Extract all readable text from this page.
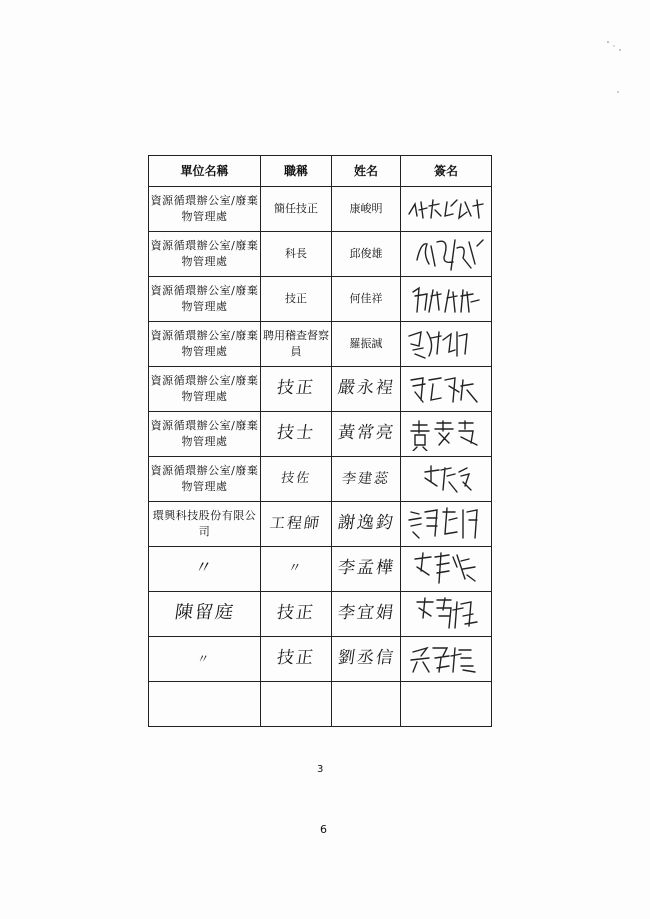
單位名稱	職稱	姓名	簽名
資源循環辦公室/廢棄物管理處	簡任技正	康峻明	

資源循環辦公室/廢棄物管理處	科長	邱俊雄	

資源循環辦公室/廢棄物管理處	技正	何佳祥	

資源循環辦公室/廢棄物管理處	聘用稽查督察員	羅振誠	

資源循環辦公室/廢棄物管理處	技正	嚴永裎	

資源循環辦公室/廢棄物管理處	技士	黃常亮	

資源循環辦公室/廢棄物管理處	技佐	李建蕊	

環興科技股份有限公司	工程師	謝逸鈞	

〃	〃	李孟樺	

陳留庭	技正	李宜娟	

〃	技正	劉丞信	

3
6
